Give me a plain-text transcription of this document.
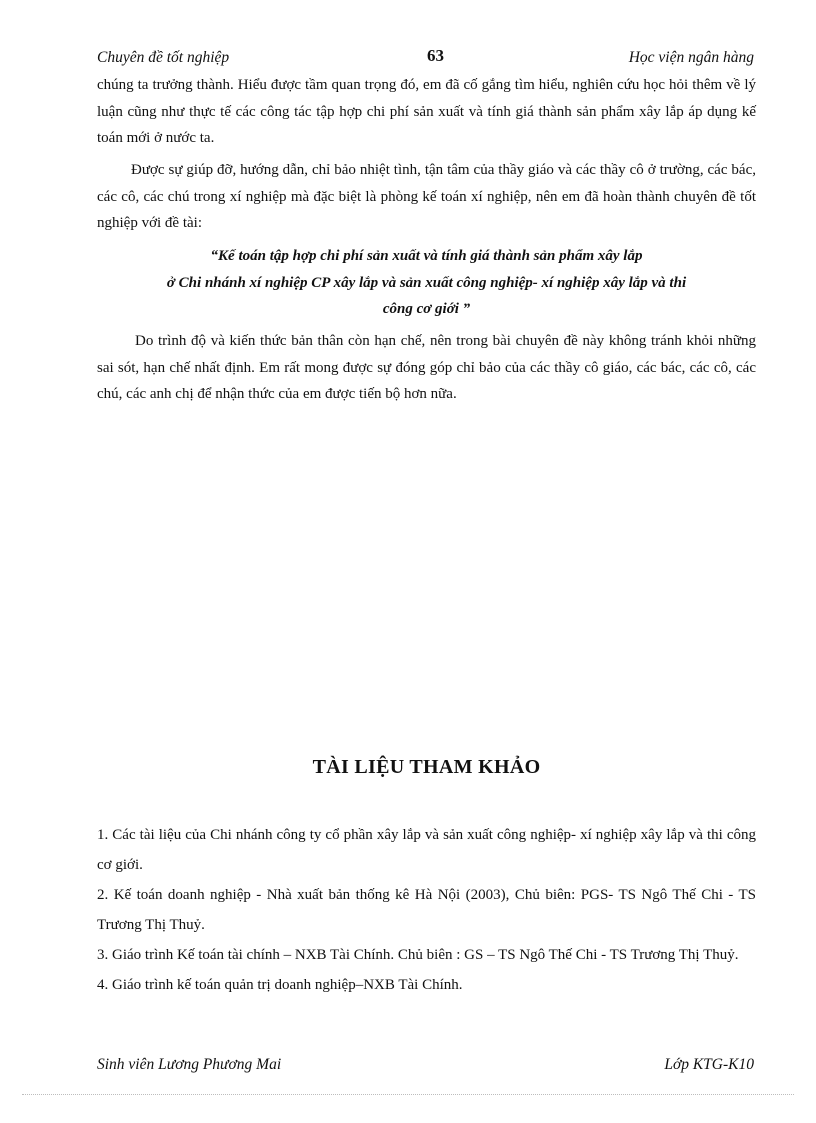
Chuyên đề tốt nghiệp	63	Học viện ngân hàng

chúng ta trưởng thành. Hiểu được tầm quan trọng đó, em đã cố gắng tìm hiểu, nghiên cứu học hỏi thêm về lý luận cũng như thực tế các công tác tập hợp chi phí sản xuất và tính giá thành sản phẩm xây lắp áp dụng kế toán mới ở nước ta.

Được sự giúp đỡ, hướng dẫn, chỉ bảo nhiệt tình, tận tâm của thầy giáo và các thầy cô ở trường, các bác, các cô, các chú trong xí nghiệp mà đặc biệt là phòng kế toán xí nghiệp, nên em đã hoàn thành chuyên đề tốt nghiệp với đề tài:

“Kế toán tập hợp chi phí sản xuất và tính giá thành sản phẩm xây lắp
ở Chi nhánh xí nghiệp CP xây lắp và sản xuất công nghiệp- xí nghiệp xây lắp và thi
công cơ giới ”

Do trình độ và kiến thức bản thân còn hạn chế, nên trong bài chuyên đề này không tránh khỏi những sai sót, hạn chế nhất định. Em rất mong được sự đóng góp chỉ bảo của các thầy cô giáo, các bác, các cô, các chú, các anh chị để nhận thức của em được tiến bộ hơn nữa.

TÀI LIỆU THAM KHẢO
1. Các tài liệu của Chi nhánh công ty cổ phần xây lắp và sản xuất công nghiệp- xí nghiệp xây lắp và thi công cơ giới.
2. Kế toán doanh nghiệp - Nhà xuất bản thống kê Hà Nội (2003), Chủ biên: PGS- TS Ngô Thế Chi - TS Trương Thị Thuỷ.
3. Giáo trình Kế toán tài chính – NXB Tài Chính. Chủ biên : GS – TS Ngô Thế Chi - TS Trương Thị Thuỷ.
4. Giáo trình kế toán quản trị doanh nghiệp–NXB Tài Chính.
Sinh viên Lương Phương Mai	Lớp KTG-K10
